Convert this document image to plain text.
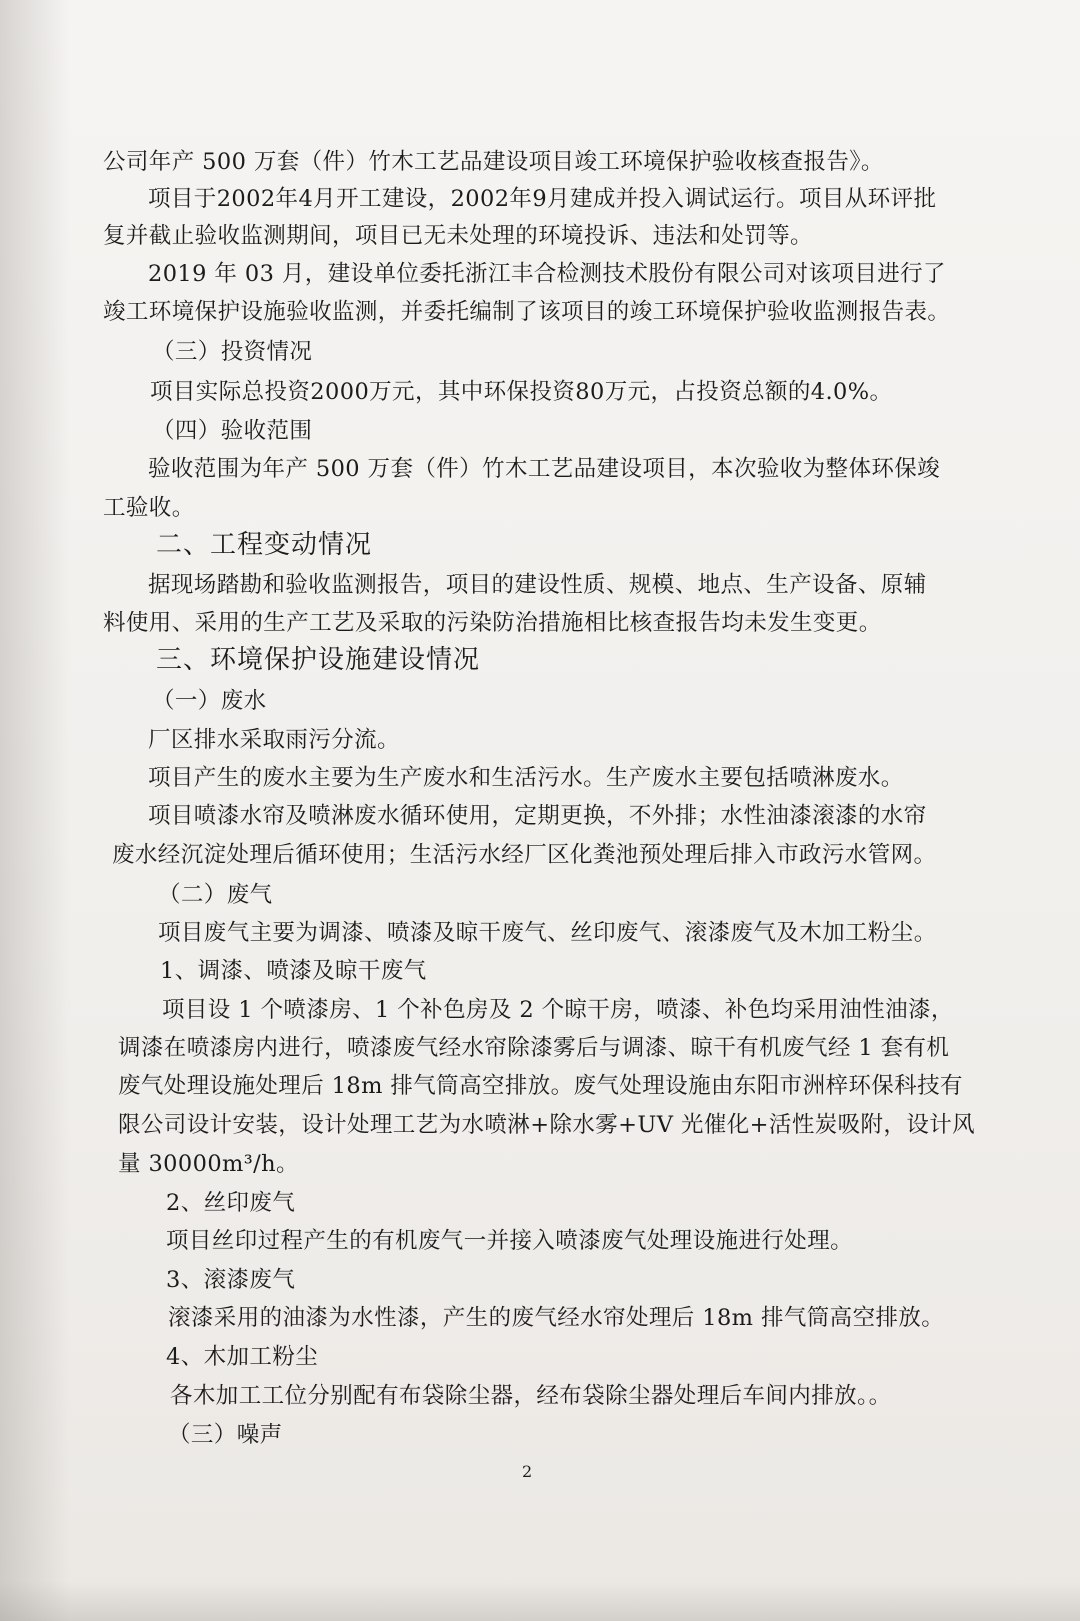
公司年产 500 万套（件）竹木工艺品建设项目竣工环境保护验收核查报告》。
项目于2002年4月开工建设，2002年9月建成并投入调试运行。项目从环评批
复并截止验收监测期间，项目已无未处理的环境投诉、违法和处罚等。
2019 年 03 月，建设单位委托浙江丰合检测技术股份有限公司对该项目进行了
竣工环境保护设施验收监测，并委托编制了该项目的竣工环境保护验收监测报告表。
（三）投资情况
项目实际总投资2000万元，其中环保投资80万元，占投资总额的4.0%。
（四）验收范围
验收范围为年产 500 万套（件）竹木工艺品建设项目，本次验收为整体环保竣
工验收。
二、工程变动情况
据现场踏勘和验收监测报告，项目的建设性质、规模、地点、生产设备、原辅
料使用、采用的生产工艺及采取的污染防治措施相比核查报告均未发生变更。
三、环境保护设施建设情况
（一）废水
厂区排水采取雨污分流。
项目产生的废水主要为生产废水和生活污水。生产废水主要包括喷淋废水。
项目喷漆水帘及喷淋废水循环使用，定期更换，不外排；水性油漆滚漆的水帘
废水经沉淀处理后循环使用；生活污水经厂区化粪池预处理后排入市政污水管网。
（二）废气
项目废气主要为调漆、喷漆及晾干废气、丝印废气、滚漆废气及木加工粉尘。
1、调漆、喷漆及晾干废气
项目设 1 个喷漆房、1 个补色房及 2 个晾干房，喷漆、补色均采用油性油漆，
调漆在喷漆房内进行，喷漆废气经水帘除漆雾后与调漆、晾干有机废气经 1 套有机
废气处理设施处理后 18m 排气筒高空排放。废气处理设施由东阳市洲梓环保科技有
限公司设计安装，设计处理工艺为水喷淋+除水雾+UV 光催化+活性炭吸附，设计风
量 30000m³/h。
2、丝印废气
项目丝印过程产生的有机废气一并接入喷漆废气处理设施进行处理。
3、滚漆废气
滚漆采用的油漆为水性漆，产生的废气经水帘处理后 18m 排气筒高空排放。
4、木加工粉尘
各木加工工位分别配有布袋除尘器，经布袋除尘器处理后车间内排放。。
（三）噪声
2
